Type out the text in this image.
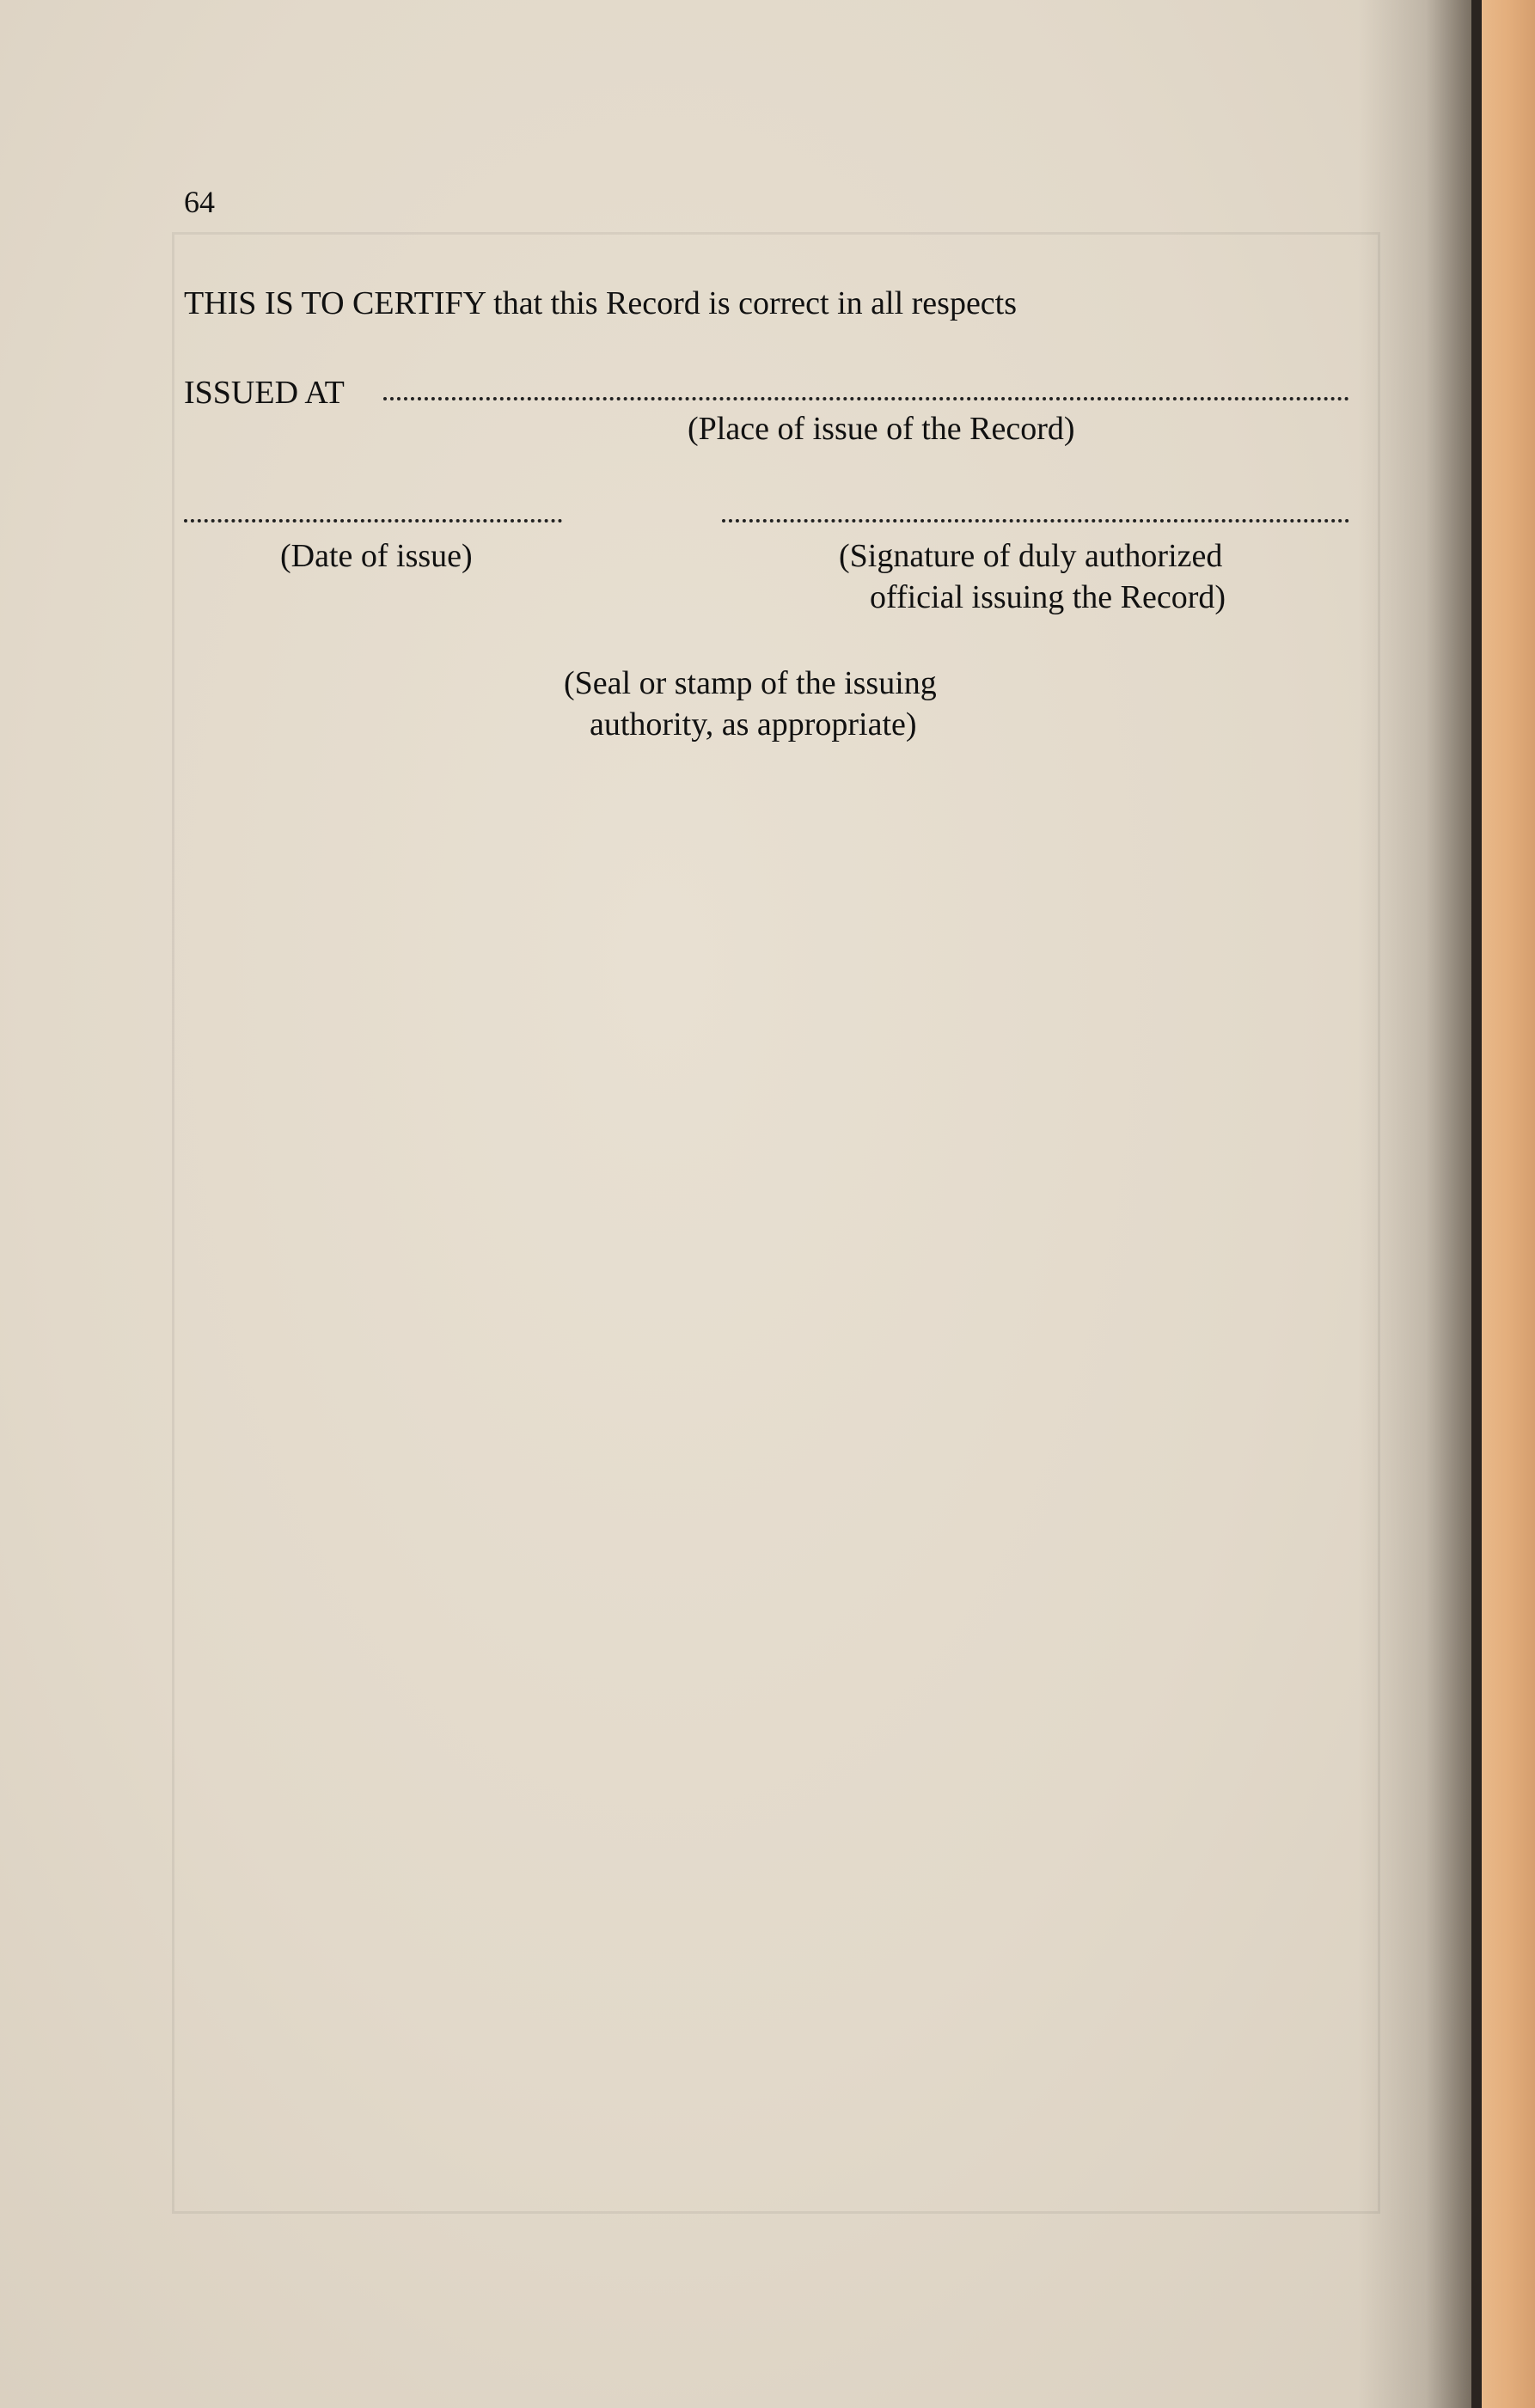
64
THIS IS TO CERTIFY that this Record is correct in all respects
ISSUED AT
(Place of issue of the Record)
(Date of issue)	(Signature of duly authorized
official issuing the Record)
(Seal or stamp of the issuing
authority, as appropriate)
